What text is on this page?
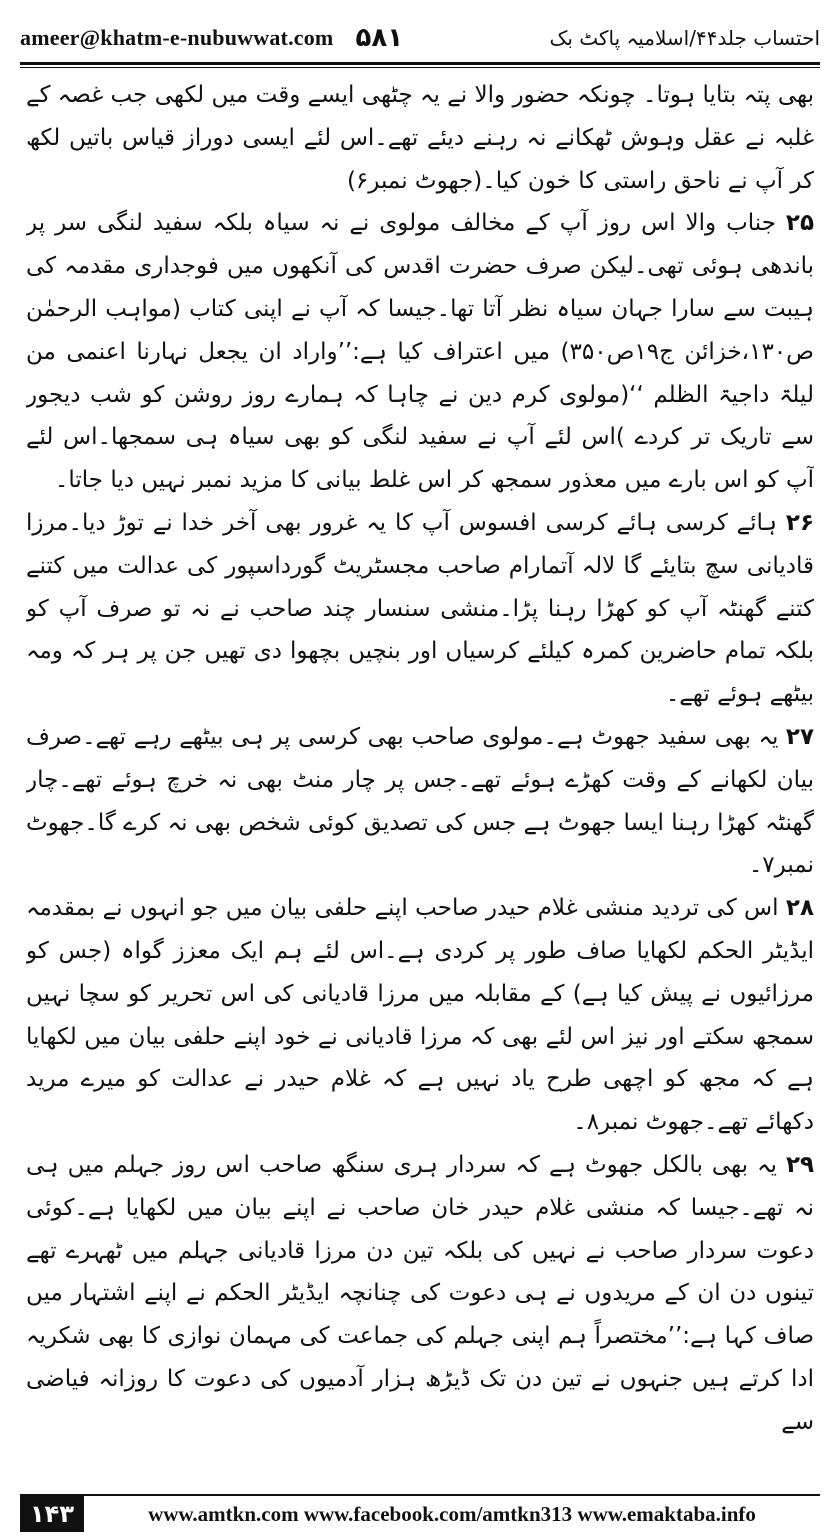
ameer@khatm-e-nubuwwat.com ۵۸۱	احتساب جلد۴۴/اسلامیہ پاکٹ بک

بھی پتہ بتایا ہوتا۔ چونکہ حضور والا نے یہ چٹھی ایسے وقت میں لکھی جب غصہ کے غلبہ نے عقل وہوش ٹھکانے نہ رہنے دیئے تھے۔اس لئے ایسی دوراز قیاس باتیں لکھ کر آپ نے ناحق راستی کا خون کیا۔(جھوٹ نمبر۶)

۲۵ جناب والا اس روز آپ کے مخالف مولوی نے نہ سیاہ بلکہ سفید لنگی سر پر باندھی ہوئی تھی۔لیکن صرف حضرت اقدس کی آنکھوں میں فوجداری مقدمہ کی ہیبت سے سارا جہان سیاہ نظر آتا تھا۔جیسا کہ آپ نے اپنی کتاب (مواہب الرحمٰن ص۱۳۰،خزائن ج۱۹ص۳۵۰) میں اعتراف کیا ہے:’’واراد ان یجعل نہارنا اعنمی من لیلۃ داجیۃ الظلم ‘‘(مولوی کرم دین نے چاہا کہ ہمارے روز روشن کو شب دیجور سے تاریک تر کردے )اس لئے آپ نے سفید لنگی کو بھی سیاہ ہی سمجھا۔اس لئے آپ کو اس بارے میں معذور سمجھ کر اس غلط بیانی کا مزید نمبر نہیں دیا جاتا۔

۲۶ ہائے کرسی ہائے کرسی افسوس آپ کا یہ غرور بھی آخر خدا نے توڑ دیا۔مرزا قادیانی سچ بتایئے گا لالہ آتمارام صاحب مجسٹریٹ گورداسپور کی عدالت میں کتنے کتنے گھنٹہ آپ کو کھڑا رہنا پڑا۔منشی سنسار چند صاحب نے نہ تو صرف آپ کو بلکہ تمام حاضرین کمرہ کیلئے کرسیاں اور بنچیں بچھوا دی تھیں جن پر ہر کہ ومہ بیٹھے ہوئے تھے۔

۲۷ یہ بھی سفید جھوٹ ہے۔مولوی صاحب بھی کرسی پر ہی بیٹھے رہے تھے۔صرف بیان لکھانے کے وقت کھڑے ہوئے تھے۔جس پر چار منٹ بھی نہ خرچ ہوئے تھے۔چار گھنٹہ کھڑا رہنا ایسا جھوٹ ہے جس کی تصدیق کوئی شخص بھی نہ کرے گا۔جھوٹ نمبر۷۔

۲۸ اس کی تردید منشی غلام حیدر صاحب اپنے حلفی بیان میں جو انہوں نے بمقدمہ ایڈیٹر الحکم لکھایا صاف طور پر کردی ہے۔اس لئے ہم ایک معزز گواہ (جس کو مرزائیوں نے پیش کیا ہے) کے مقابلہ میں مرزا قادیانی کی اس تحریر کو سچا نہیں سمجھ سکتے اور نیز اس لئے بھی کہ مرزا قادیانی نے خود اپنے حلفی بیان میں لکھایا ہے کہ مجھ کو اچھی طرح یاد نہیں ہے کہ غلام حیدر نے عدالت کو میرے مرید دکھائے تھے۔جھوٹ نمبر۸۔

۲۹ یہ بھی بالکل جھوٹ ہے کہ سردار ہری سنگھ صاحب اس روز جہلم میں ہی نہ تھے۔جیسا کہ منشی غلام حیدر خان صاحب نے اپنے بیان میں لکھایا ہے۔کوئی دعوت سردار صاحب نے نہیں کی بلکہ تین دن مرزا قادیانی جہلم میں ٹھہرے تھے تینوں دن ان کے مریدوں نے ہی دعوت کی چنانچہ ایڈیٹر الحکم نے اپنے اشتہار میں صاف کہا ہے:’’مختصراً ہم اپنی جہلم کی جماعت کی مہمان نوازی کا بھی شکریہ ادا کرتے ہیں جنہوں نے تین دن تک ڈیڑھ ہزار آدمیوں کی دعوت کا روزانہ فیاضی سے

۱۴۳	www.amtkn.com www.facebook.com/amtkn313 www.emaktaba.info
